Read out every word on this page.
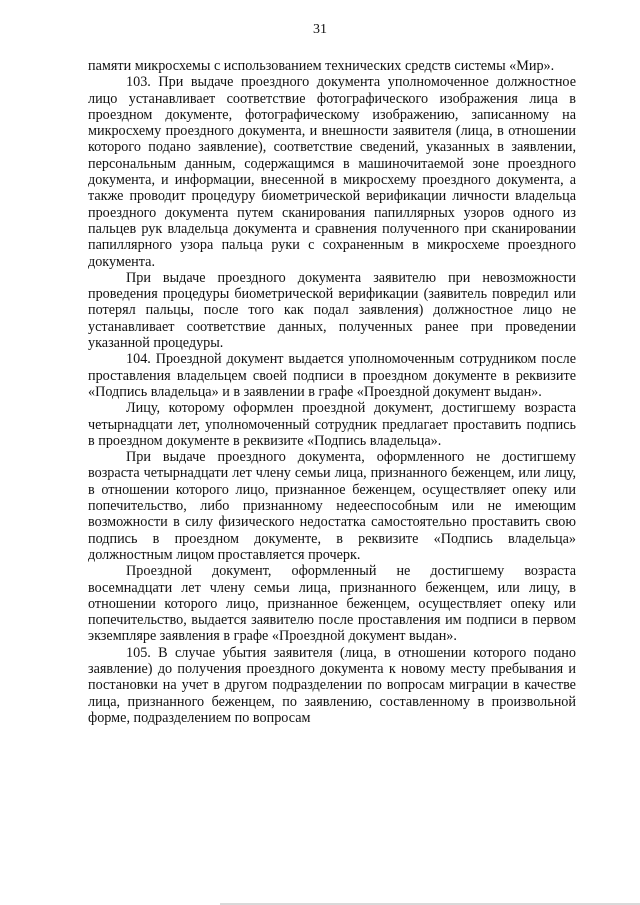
31

памяти микросхемы с использованием технических средств системы «Мир».

103. При выдаче проездного документа уполномоченное должностное лицо устанавливает соответствие фотографического изображения лица в проездном документе, фотографическому изображению, записанному на микросхему проездного документа, и внешности заявителя (лица, в отношении которого подано заявление), соответствие сведений, указанных в заявлении, персональным данным, содержащимся в машиночитаемой зоне проездного документа, и информации, внесенной в микросхему проездного документа, а также проводит процедуру биометрической верификации личности владельца проездного документа путем сканирования папиллярных узоров одного из пальцев рук владельца документа и сравнения полученного при сканировании папиллярного узора пальца руки с сохраненным в микросхеме проездного документа.

При выдаче проездного документа заявителю при невозможности проведения процедуры биометрической верификации (заявитель повредил или потерял пальцы, после того как подал заявления) должностное лицо не устанавливает соответствие данных, полученных ранее при проведении указанной процедуры.

104. Проездной документ выдается уполномоченным сотрудником после проставления владельцем своей подписи в проездном документе в реквизите «Подпись владельца» и в заявлении в графе «Проездной документ выдан».

Лицу, которому оформлен проездной документ, достигшему возраста четырнадцати лет, уполномоченный сотрудник предлагает проставить подпись в проездном документе в реквизите «Подпись владельца».

При выдаче проездного документа, оформленного не достигшему возраста четырнадцати лет члену семьи лица, признанного беженцем, или лицу, в отношении которого лицо, признанное беженцем, осуществляет опеку или попечительство, либо признанному недееспособным или не имеющим возможности в силу физического недостатка самостоятельно проставить свою подпись в проездном документе, в реквизите «Подпись владельца» должностным лицом проставляется прочерк.

Проездной документ, оформленный не достигшему возраста восемнадцати лет члену семьи лица, признанного беженцем, или лицу, в отношении которого лицо, признанное беженцем, осуществляет опеку или попечительство, выдается заявителю после проставления им подписи в первом экземпляре заявления в графе «Проездной документ выдан».

105. В случае убытия заявителя (лица, в отношении которого подано заявление) до получения проездного документа к новому месту пребывания и постановки на учет в другом подразделении по вопросам миграции в качестве лица, признанного беженцем, по заявлению, составленному в произвольной форме, подразделением по вопросам
